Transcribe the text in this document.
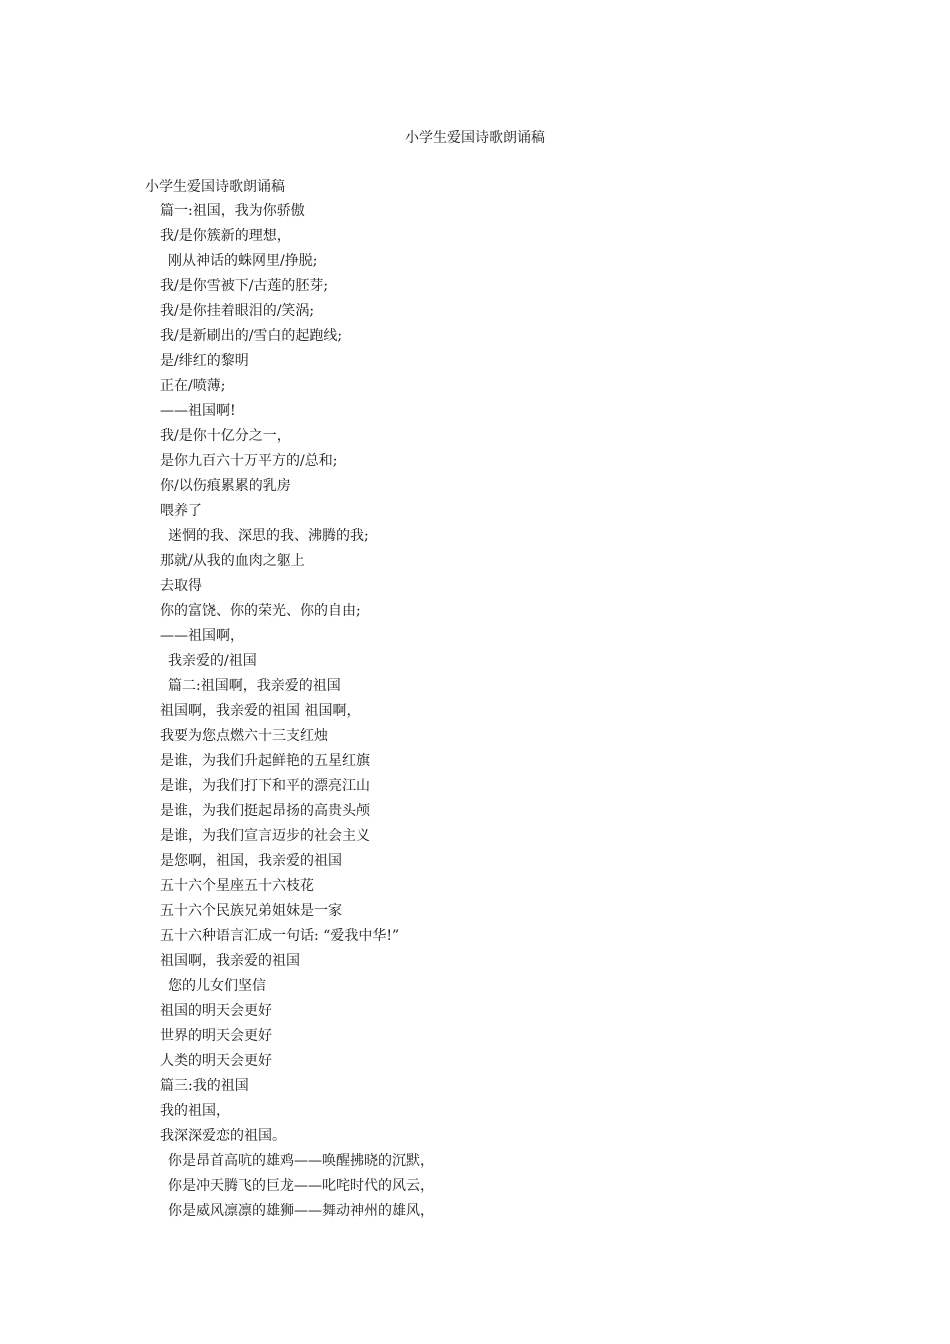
小学生爱国诗歌朗诵稿
小学生爱国诗歌朗诵稿
篇一:祖国，我为你骄傲
我/是你簇新的理想，
刚从神话的蛛网里/挣脱;
我/是你雪被下/古莲的胚芽;
我/是你挂着眼泪的/笑涡;
我/是新刷出的/雪白的起跑线;
是/绯红的黎明
正在/喷薄;
——祖国啊!
我/是你十亿分之一，
是你九百六十万平方的/总和;
你/以伤痕累累的乳房
喂养了
迷惘的我、深思的我、沸腾的我;
那就/从我的血肉之躯上
去取得
你的富饶、你的荣光、你的自由;
——祖国啊，
我亲爱的/祖国
篇二:祖国啊，我亲爱的祖国
祖国啊，我亲爱的祖国 祖国啊，
我要为您点燃六十三支红烛
是谁，为我们升起鲜艳的五星红旗
是谁，为我们打下和平的漂亮江山
是谁，为我们挺起昂扬的高贵头颅
是谁，为我们宣言迈步的社会主义
是您啊，祖国，我亲爱的祖国
五十六个星座五十六枝花
五十六个民族兄弟姐妹是一家
五十六种语言汇成一句话: “爱我中华!”
祖国啊，我亲爱的祖国
您的儿女们坚信
祖国的明天会更好
世界的明天会更好
人类的明天会更好
篇三:我的祖国
我的祖国，
我深深爱恋的祖国。
你是昂首高吭的雄鸡——唤醒拂晓的沉默，
你是冲天腾飞的巨龙——叱咤时代的风云，
你是威风凛凛的雄狮——舞动神州的雄风，
